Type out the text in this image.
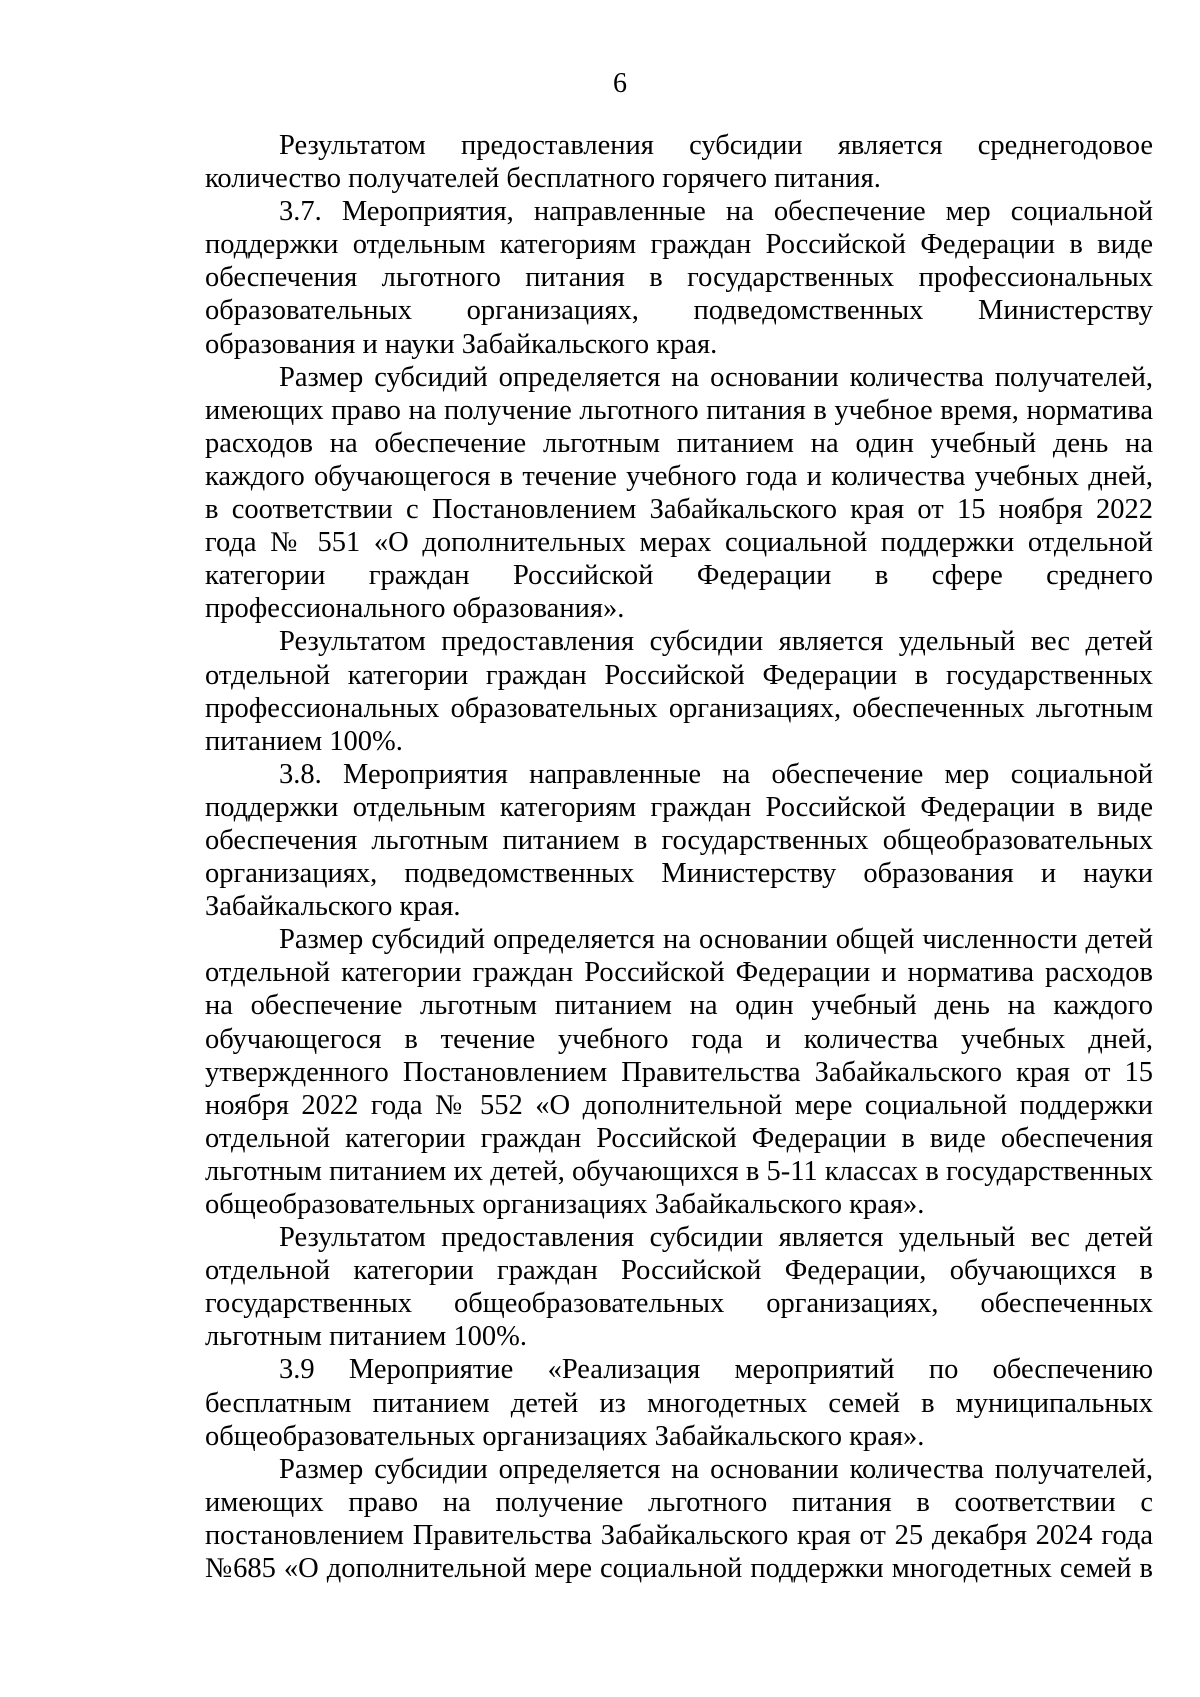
6

Результатом предоставления субсидии является среднегодовое количество получателей бесплатного горячего питания.

3.7. Мероприятия, направленные на обеспечение мер социальной поддержки отдельным категориям граждан Российской Федерации в виде обеспечения льготного питания в государственных профессиональных образовательных организациях, подведомственных Министерству образования и науки Забайкальского края.

Размер субсидий определяется на основании количества получателей, имеющих право на получение льготного питания в учебное время, норматива расходов на обеспечение льготным питанием на один учебный день на каждого обучающегося в течение учебного года и количества учебных дней, в соответствии с Постановлением Забайкальского края от 15 ноября 2022 года № 551 «О дополнительных мерах социальной поддержки отдельной категории граждан Российской Федерации в сфере среднего профессионального образования».

Результатом предоставления субсидии является удельный вес детей отдельной категории граждан Российской Федерации в государственных профессиональных образовательных организациях, обеспеченных льготным питанием 100%.

3.8. Мероприятия направленные на обеспечение мер социальной поддержки отдельным категориям граждан Российской Федерации в виде обеспечения льготным питанием в государственных общеобразовательных организациях, подведомственных Министерству образования и науки Забайкальского края.

Размер субсидий определяется на основании общей численности детей отдельной категории граждан Российской Федерации и норматива расходов на обеспечение льготным питанием на один учебный день на каждого обучающегося в течение учебного года и количества учебных дней, утвержденного Постановлением Правительства Забайкальского края от 15 ноября 2022 года № 552 «О дополнительной мере социальной поддержки отдельной категории граждан Российской Федерации в виде обеспечения льготным питанием их детей, обучающихся в 5-11 классах в государственных общеобразовательных организациях Забайкальского края».

Результатом предоставления субсидии является удельный вес детей отдельной категории граждан Российской Федерации, обучающихся в государственных общеобразовательных организациях, обеспеченных льготным питанием 100%.

3.9 Мероприятие «Реализация мероприятий по обеспечению бесплатным питанием детей из многодетных семей в муниципальных общеобразовательных организациях Забайкальского края».

Размер субсидии определяется на основании количества получателей, имеющих право на получение льготного питания в соответствии с постановлением Правительства Забайкальского края от 25 декабря 2024 года №685 «О дополнительной мере социальной поддержки многодетных семей в
